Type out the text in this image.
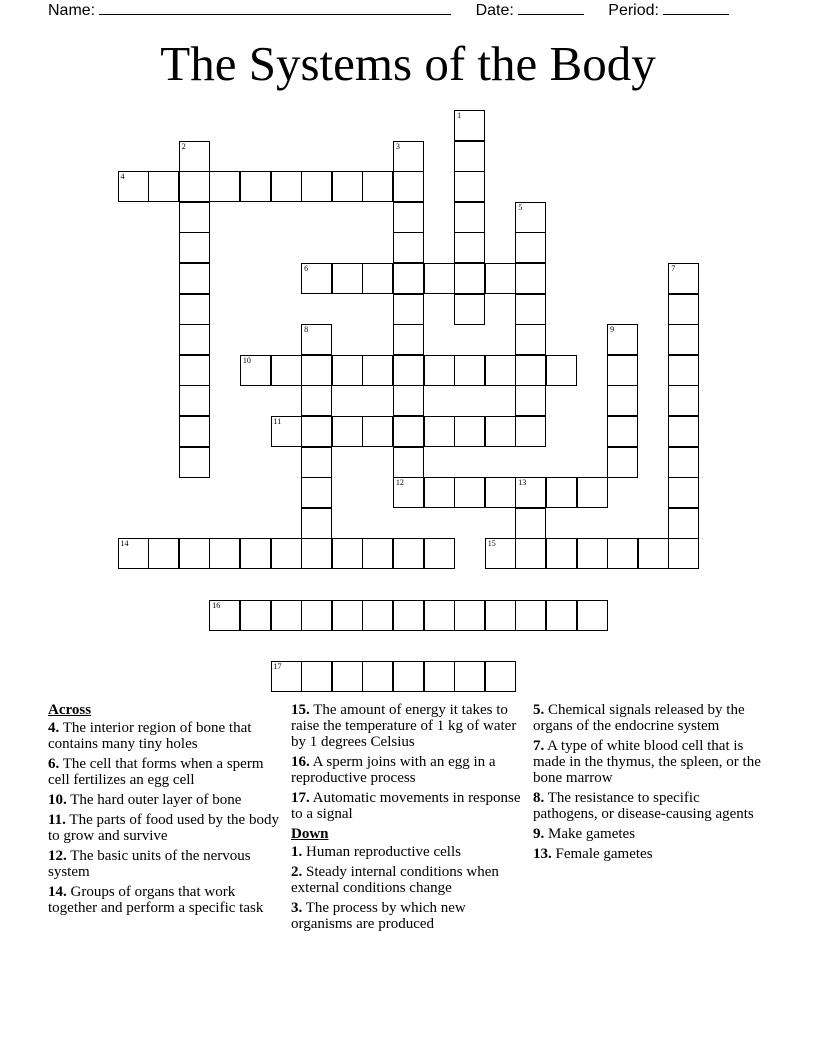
Name:	Date:	Period:
The Systems of the Body
1
2	3
12
4
5
6	7
8	9
10
11
13
14	15
16
17
Across
4. The interior region of bone that contains many tiny holes
6. The cell that forms when a sperm cell fertilizes an egg cell
10. The hard outer layer of bone
11. The parts of food used by the body to grow and survive
12. The basic units of the nervous system
14. Groups of organs that work together and perform a specific task
15. The amount of energy it takes to raise the temperature of 1 kg of water by 1 degrees Celsius
16. A sperm joins with an egg in a reproductive process
17. Automatic movements in response to a signal
Down
1. Human reproductive cells
2. Steady internal conditions when external conditions change
3. The process by which new organisms are produced
5. Chemical signals released by the organs of the endocrine system
7. A type of white blood cell that is made in the thymus, the spleen, or the bone marrow
8. The resistance to specific pathogens, or disease-causing agents
9. Make gametes
13. Female gametes
